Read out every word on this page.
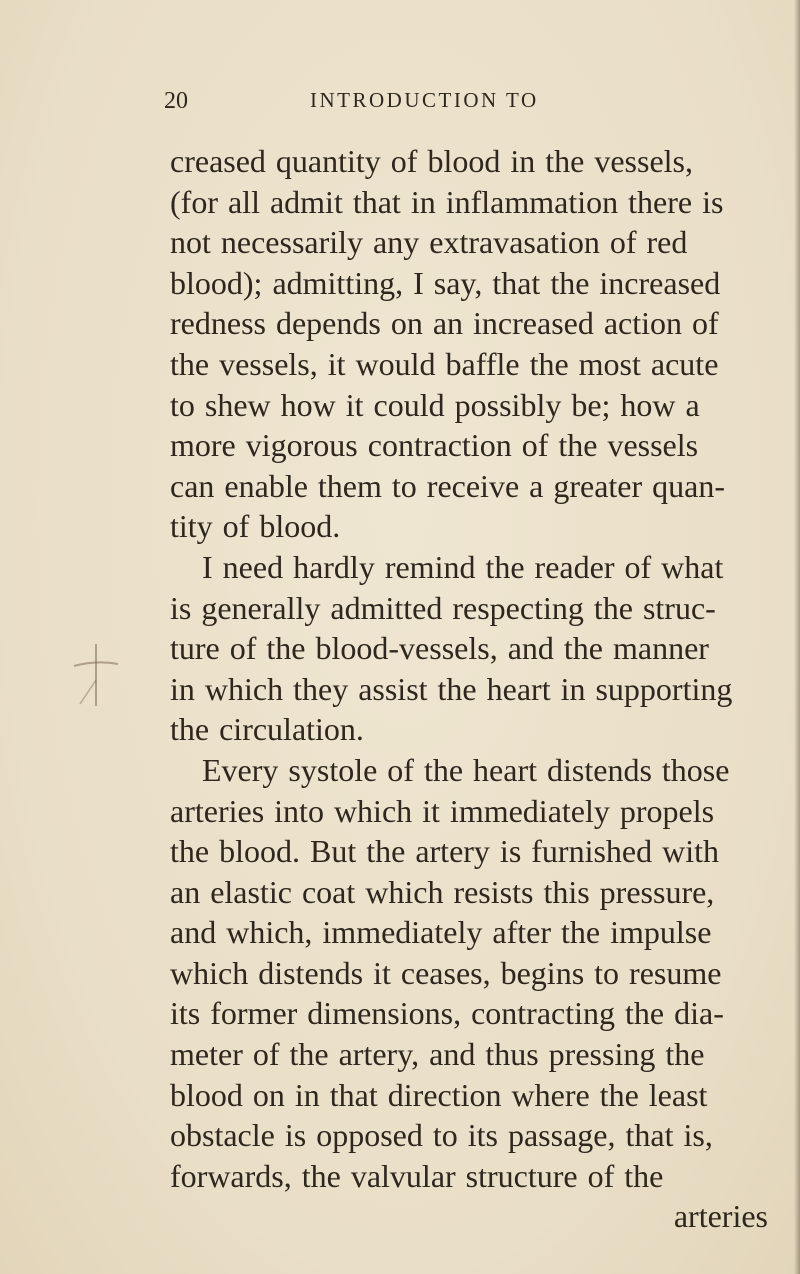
20	INTRODUCTION TO
creased quantity of blood in the vessels,
(for all admit that in inflammation there is
not necessarily any extravasation of red
blood); admitting, I say, that the increased
redness depends on an increased action of
the vessels, it would baffle the most acute
to shew how it could possibly be; how a
more vigorous contraction of the vessels
can enable them to receive a greater quan-
tity of blood.
I need hardly remind the reader of what
is generally admitted respecting the struc-
ture of the blood-vessels, and the manner
in which they assist the heart in supporting
the circulation.
Every systole of the heart distends those
arteries into which it immediately propels
the blood. But the artery is furnished with
an elastic coat which resists this pressure,
and which, immediately after the impulse
which distends it ceases, begins to resume
its former dimensions, contracting the dia-
meter of the artery, and thus pressing the
blood on in that direction where the least
obstacle is opposed to its passage, that is,
forwards, the valvular structure of the
arteries
